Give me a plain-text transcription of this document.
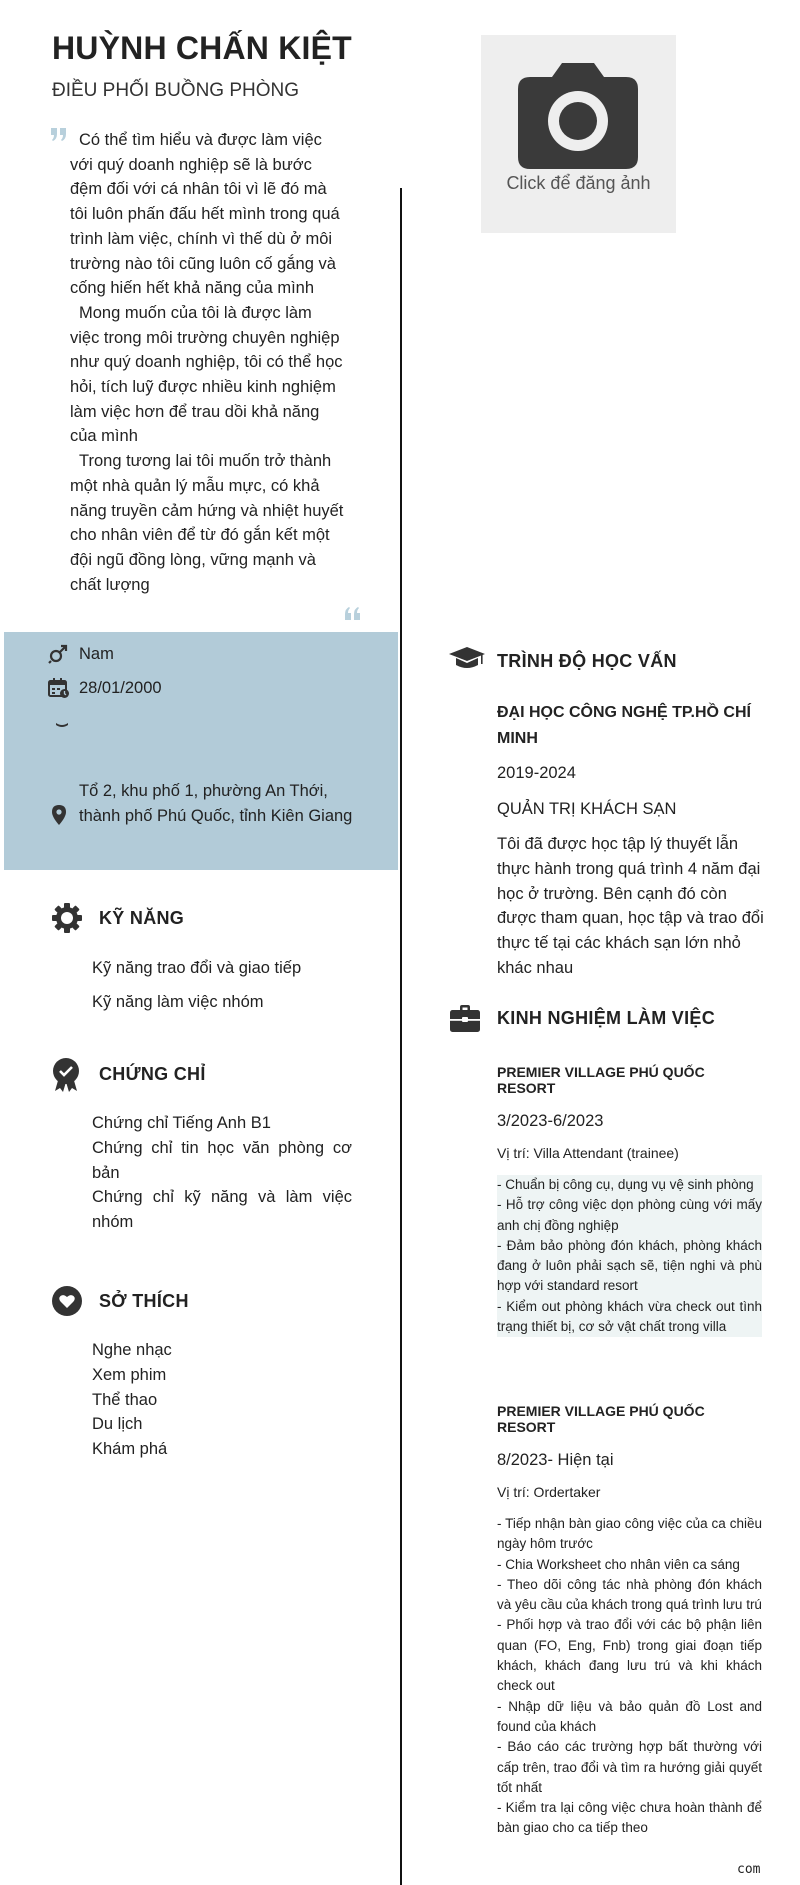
HUỲNH CHẤN KIỆT
ĐIỀU PHỐI BUỒNG PHÒNG
Click để đăng ảnh

Có thể tìm hiểu và được làm việc với quý doanh nghiệp sẽ là bước đệm đối với cá nhân tôi vì lẽ đó mà tôi luôn phấn đấu hết mình trong quá trình làm việc, chính vì thế dù ở môi trường nào tôi cũng luôn cố gắng và cống hiến hết khả năng của mình

Mong muốn của tôi là được làm việc trong môi trường chuyên nghiệp như quý doanh nghiệp, tôi có thể học hỏi, tích luỹ được nhiều kinh nghiệm làm việc hơn để trau dồi khả năng của mình

Trong tương lai tôi muốn trở thành một nhà quản lý mẫu mực, có khả năng truyền cảm hứng và nhiệt huyết cho nhân viên để từ đó gắn kết một đội ngũ đồng lòng, vững mạnh và chất lượng

Nam
28/01/2000
Tổ 2, khu phố 1, phường An Thới, thành phố Phú Quốc, tỉnh Kiên Giang
KỸ NĂNG
Kỹ năng trao đổi và giao tiếp
Kỹ năng làm việc nhóm
CHỨNG CHỈ
Chứng chỉ Tiếng Anh B1
Chứng chỉ tin học văn phòng cơ bản
Chứng chỉ kỹ năng và làm việc nhóm
SỞ THÍCH
Nghe nhạc
Xem phim
Thể thao
Du lịch
Khám phá
TRÌNH ĐỘ HỌC VẤN
ĐẠI HỌC CÔNG NGHỆ TP.HỒ CHÍ MINH
2019-2024
QUẢN TRỊ KHÁCH SẠN
Tôi đã được học tập lý thuyết lẫn thực hành trong quá trình 4 năm đại học ở trường. Bên cạnh đó còn được tham quan, học tập và trao đổi thực tế tại các khách sạn lớn nhỏ khác nhau
KINH NGHIỆM LÀM VIỆC
PREMIER VILLAGE PHÚ QUỐC RESORT
3/2023-6/2023
Vị trí: Villa Attendant (trainee)
- Chuẩn bị công cụ, dụng vụ vệ sinh phòng
- Hỗ trợ công việc dọn phòng cùng với mấy anh chị đồng nghiệp
- Đảm bảo phòng đón khách, phòng khách đang ở luôn phải sạch sẽ, tiện nghi và phù hợp với standard resort
- Kiểm out phòng khách vừa check out tình trạng thiết bị, cơ sở vật chất trong villa
PREMIER VILLAGE PHÚ QUỐC RESORT
8/2023- Hiện tại
Vị trí: Ordertaker
- Tiếp nhận bàn giao công việc của ca chiều ngày hôm trước
- Chia Worksheet cho nhân viên ca sáng
- Theo dõi công tác nhà phòng đón khách và yêu cầu của khách trong quá trình lưu trú
- Phối hợp và trao đổi với các bộ phận liên quan (FO, Eng, Fnb) trong giai đoạn tiếp khách, khách đang lưu trú và khi khách check out
- Nhập dữ liệu và bảo quản đồ Lost and found của khách
- Báo cáo các trường hợp bất thường với cấp trên, trao đổi và tìm ra hướng giải quyết tốt nhất
- Kiểm tra lại công việc chưa hoàn thành để bàn giao cho ca tiếp theo
com
